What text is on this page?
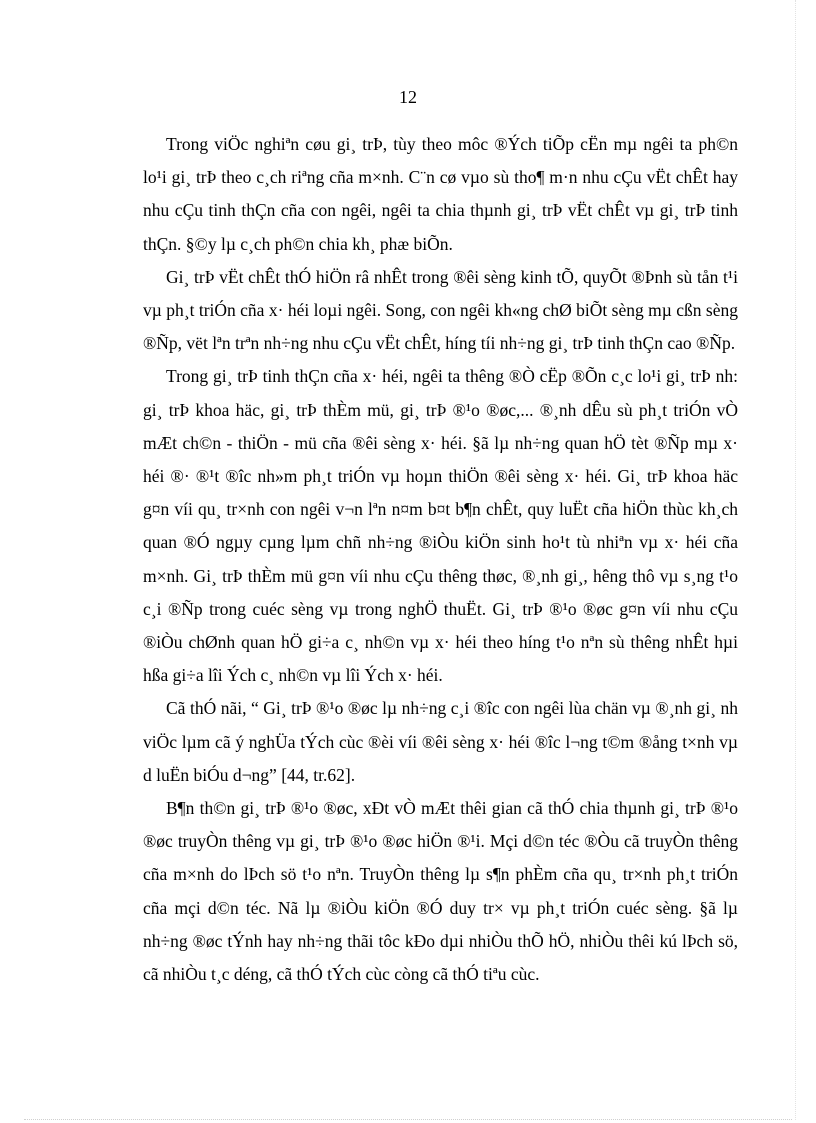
12

Trong viÖc nghiªn cøu gi¸ trÞ, tùy theo môc ®Ých tiÕp cËn mµ ngêi ta ph©n lo¹i gi¸ trÞ theo c¸ch riªng cña m×nh. C¨n cø vµo sù tho¶ m·n nhu cÇu vËt chÊt hay nhu cÇu tinh thÇn cña con ngêi, ngêi ta chia thµnh gi¸ trÞ vËt chÊt vµ gi¸ trÞ tinh thÇn. §©y lµ c¸ch ph©n chia kh¸ phæ biÕn.

Gi¸ trÞ vËt chÊt thÓ hiÖn râ nhÊt trong ®êi sèng kinh tÕ, quyÕt ®Þnh sù tån t¹i vµ ph¸t triÓn cña x· héi loµi ngêi. Song, con ngêi kh«ng chØ biÕt sèng mµ cßn sèng ®Ñp, vët lªn trªn nh÷ng nhu cÇu vËt chÊt, híng tíi nh÷ng gi¸ trÞ tinh thÇn cao ®Ñp.

Trong gi¸ trÞ tinh thÇn cña x· héi, ngêi ta thêng ®Ò cËp ®Õn c¸c lo¹i gi¸ trÞ nh: gi¸ trÞ khoa häc, gi¸ trÞ thÈm mü, gi¸ trÞ ®¹o ®øc,... ®¸nh dÊu sù ph¸t triÓn vÒ mÆt ch©n - thiÖn - mü cña ®êi sèng x· héi. §ã lµ nh÷ng quan hÖ tèt ®Ñp mµ x· héi ®· ®¹t ®îc nh»m ph¸t triÓn vµ hoµn thiÖn ®êi sèng x· héi. Gi¸ trÞ khoa häc g¤n víi qu¸ tr×nh con ngêi v¬n lªn n¤m b¤t b¶n chÊt, quy luËt cña hiÖn thùc kh¸ch quan ®Ó ngµy cµng lµm chñ nh÷ng ®iÒu kiÖn sinh ho¹t tù nhiªn vµ x· héi cña m×nh. Gi¸ trÞ thÈm mü g¤n víi nhu cÇu thêng thøc, ®¸nh gi¸, hêng thô vµ s¸ng t¹o c¸i ®Ñp trong cuéc sèng vµ trong nghÖ thuËt. Gi¸ trÞ ®¹o ®øc g¤n víi nhu cÇu ®iÒu chØnh quan hÖ gi÷a c¸ nh©n vµ x· héi theo híng t¹o nªn sù thêng nhÊt hµi hßa gi÷a lîi Ých c¸ nh©n vµ lîi Ých x· héi.

Cã thÓ nãi, “ Gi¸ trÞ ®¹o ®øc lµ nh÷ng c¸i ®îc con ngêi lùa chän vµ ®¸nh gi¸ nh viÖc lµm cã ý nghÜa tÝch cùc ®èi víi ®êi sèng x· héi ®îc l¬ng t©m ®ång t×nh vµ d luËn biÓu d¬ng” [44, tr.62].

B¶n th©n gi¸ trÞ ®¹o ®øc, xÐt vÒ mÆt thêi gian cã thÓ chia thµnh gi¸ trÞ ®¹o ®øc truyÒn thêng vµ gi¸ trÞ ®¹o ®øc hiÖn ®¹i. Mçi d©n téc ®Òu cã truyÒn thêng cña m×nh do lÞch sö t¹o nªn. TruyÒn thêng lµ s¶n phÈm cña qu¸ tr×nh ph¸t triÓn cña mçi d©n téc. Nã lµ ®iÒu kiÖn ®Ó duy tr× vµ ph¸t triÓn cuéc sèng. §ã lµ nh÷ng ®øc tÝnh hay nh÷ng thãi tôc kÐo dµi nhiÒu thÕ hÖ, nhiÒu thêi kú lÞch sö, cã nhiÒu t¸c déng, cã thÓ tÝch cùc còng cã thÓ tiªu cùc.
